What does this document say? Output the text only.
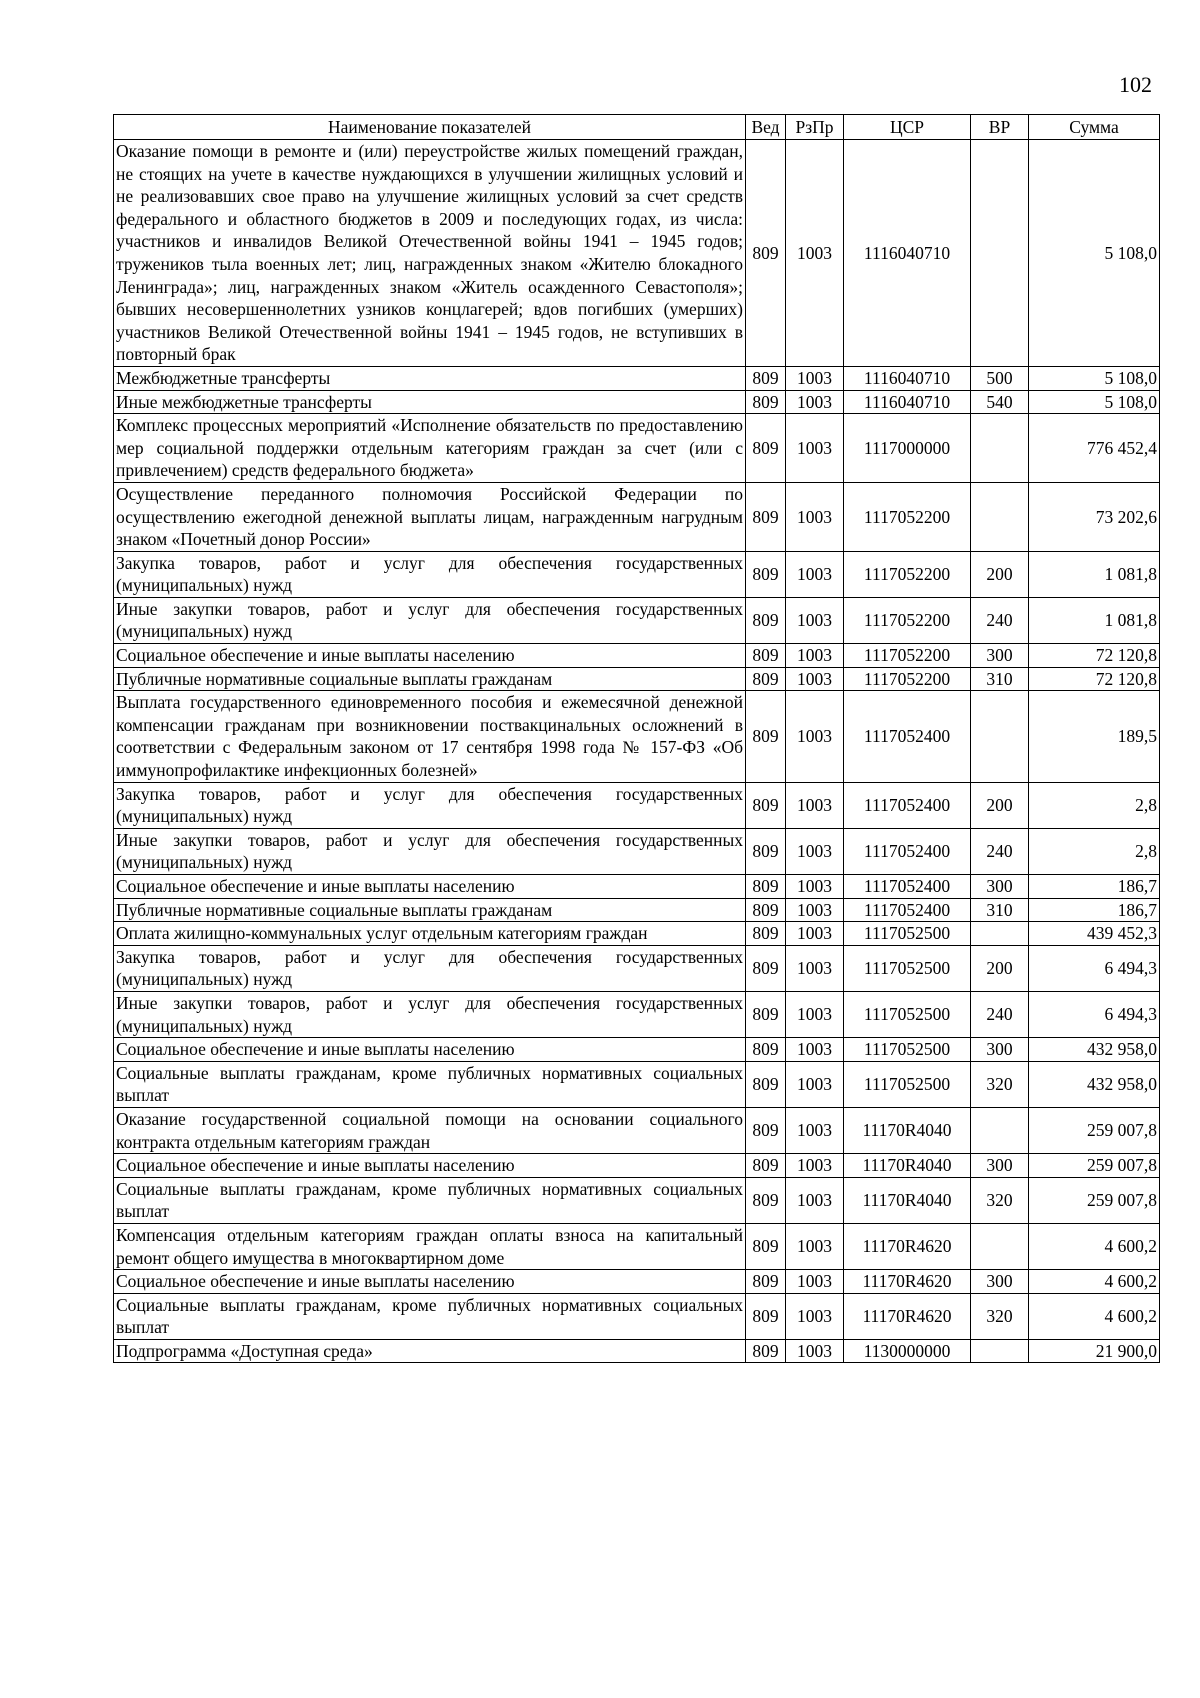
102
Наименование показателей	Вед	РзПр	ЦСР	ВР	Сумма
Оказание помощи в ремонте и (или) переустройстве жилых помещений граждан, не стоящих на учете в качестве нуждающихся в улучшении жилищных условий и не реализовавших свое право на улучшение жилищных условий за счет средств федерального и областного бюджетов в 2009 и последующих годах, из числа: участников и инвалидов Великой Отечественной войны 1941 – 1945 годов; тружеников тыла военных лет; лиц, награжденных знаком «Жителю блокадного Ленинграда»; лиц, награжденных знаком «Житель осажденного Севастополя»; бывших несовершеннолетних узников концлагерей; вдов погибших (умерших) участников Великой Отечественной войны 1941 – 1945 годов, не вступивших в повторный брак	809	1003	1116040710		5 108,0
Межбюджетные трансферты	809	1003	1116040710	500	5 108,0
Иные межбюджетные трансферты	809	1003	1116040710	540	5 108,0
Комплекс процессных мероприятий «Исполнение обязательств по предоставлению мер социальной поддержки отдельным категориям граждан за счет (или с привлечением) средств федерального бюджета»	809	1003	1117000000		776 452,4
Осуществление переданного полномочия Российской Федерации по осуществлению ежегодной денежной выплаты лицам, награжденным нагрудным знаком «Почетный донор России»	809	1003	1117052200		73 202,6
Закупка товаров, работ и услуг для обеспечения государственных (муниципальных) нужд	809	1003	1117052200	200	1 081,8
Иные закупки товаров, работ и услуг для обеспечения государственных (муниципальных) нужд	809	1003	1117052200	240	1 081,8
Социальное обеспечение и иные выплаты населению	809	1003	1117052200	300	72 120,8
Публичные нормативные социальные выплаты гражданам	809	1003	1117052200	310	72 120,8
Выплата государственного единовременного пособия и ежемесячной денежной компенсации гражданам при возникновении поствакцинальных осложнений в соответствии с Федеральным законом от 17 сентября 1998 года № 157-ФЗ «Об иммунопрофилактике инфекционных болезней»	809	1003	1117052400		189,5
Закупка товаров, работ и услуг для обеспечения государственных (муниципальных) нужд	809	1003	1117052400	200	2,8
Иные закупки товаров, работ и услуг для обеспечения государственных (муниципальных) нужд	809	1003	1117052400	240	2,8
Социальное обеспечение и иные выплаты населению	809	1003	1117052400	300	186,7
Публичные нормативные социальные выплаты гражданам	809	1003	1117052400	310	186,7
Оплата жилищно-коммунальных услуг отдельным категориям граждан	809	1003	1117052500		439 452,3
Закупка товаров, работ и услуг для обеспечения государственных (муниципальных) нужд	809	1003	1117052500	200	6 494,3
Иные закупки товаров, работ и услуг для обеспечения государственных (муниципальных) нужд	809	1003	1117052500	240	6 494,3
Социальное обеспечение и иные выплаты населению	809	1003	1117052500	300	432 958,0
Социальные выплаты гражданам, кроме публичных нормативных социальных выплат	809	1003	1117052500	320	432 958,0
Оказание государственной социальной помощи на основании социального контракта отдельным категориям граждан	809	1003	11170R4040		259 007,8
Социальное обеспечение и иные выплаты населению	809	1003	11170R4040	300	259 007,8
Социальные выплаты гражданам, кроме публичных нормативных социальных выплат	809	1003	11170R4040	320	259 007,8
Компенсация отдельным категориям граждан оплаты взноса на капитальный ремонт общего имущества в многоквартирном доме	809	1003	11170R4620		4 600,2
Социальное обеспечение и иные выплаты населению	809	1003	11170R4620	300	4 600,2
Социальные выплаты гражданам, кроме публичных нормативных социальных выплат	809	1003	11170R4620	320	4 600,2
Подпрограмма «Доступная среда»	809	1003	1130000000		21 900,0
